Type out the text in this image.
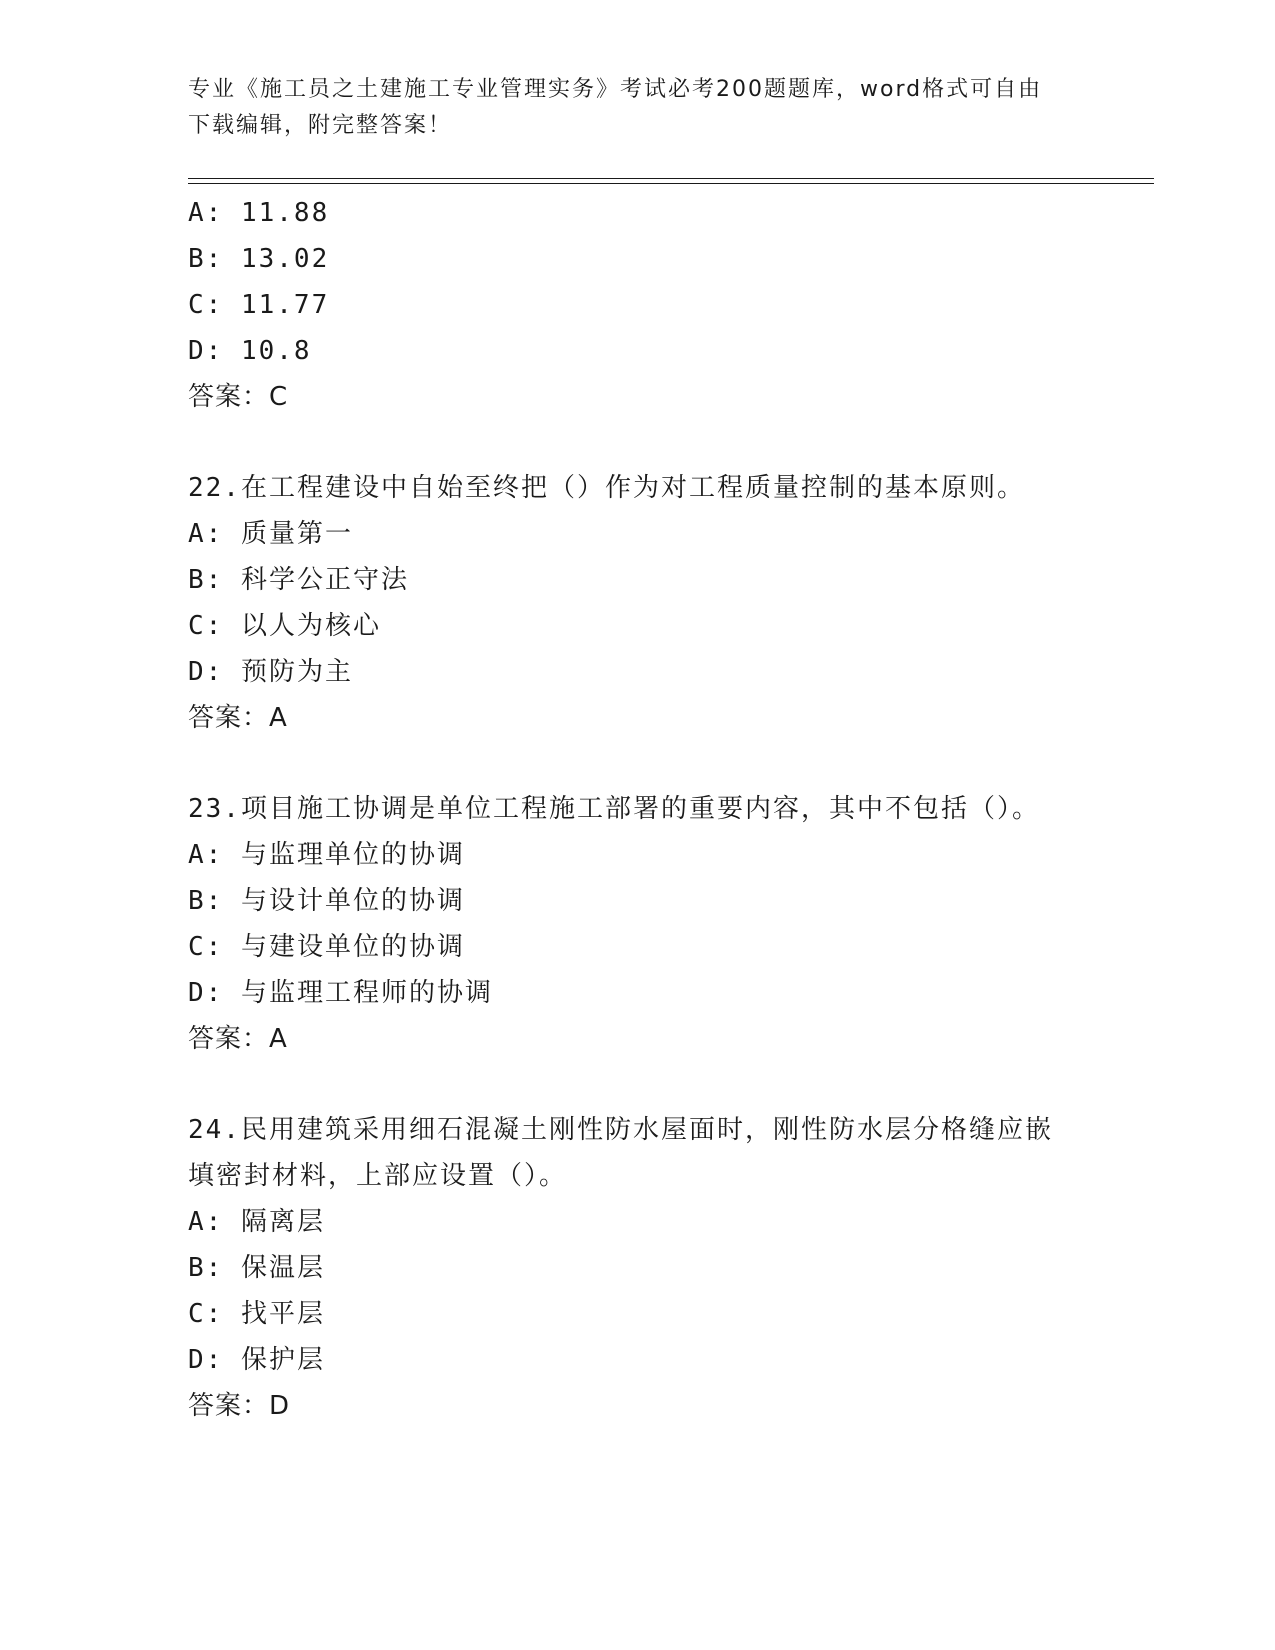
专业《施工员之土建施工专业管理实务》考试必考200题题库，word格式可自由
下载编辑，附完整答案！
A: 11.88
B: 13.02
C: 11.77
D: 10.8
答案：C
22.在工程建设中自始至终把（）作为对工程质量控制的基本原则。
A: 质量第一
B: 科学公正守法
C: 以人为核心
D: 预防为主
答案：A
23.项目施工协调是单位工程施工部署的重要内容，其中不包括（）。
A: 与监理单位的协调
B: 与设计单位的协调
C: 与建设单位的协调
D: 与监理工程师的协调
答案：A
24.民用建筑采用细石混凝土刚性防水屋面时，刚性防水层分格缝应嵌
填密封材料，上部应设置（）。
A: 隔离层
B: 保温层
C: 找平层
D: 保护层
答案：D
